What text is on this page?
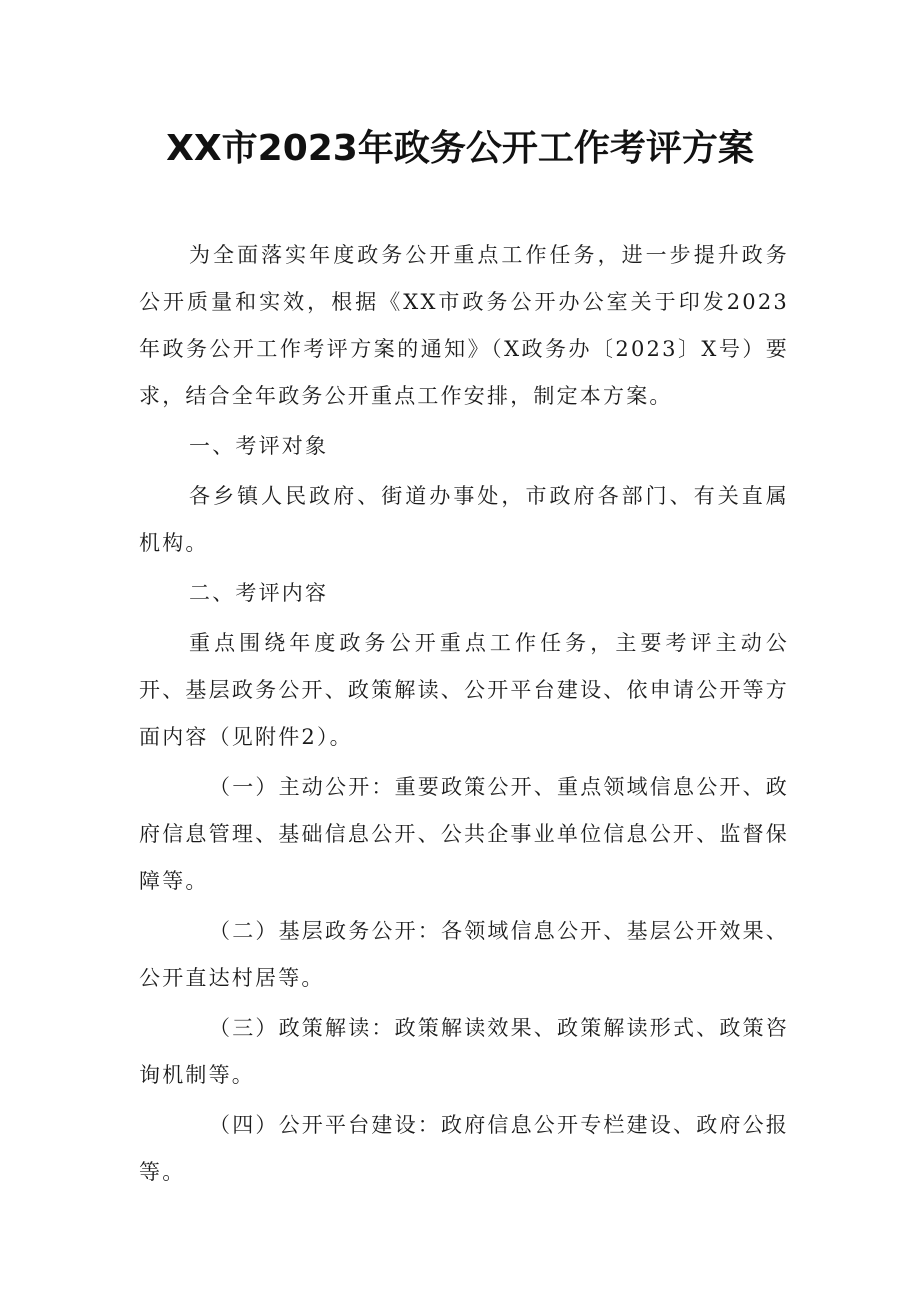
XX市2023年政务公开工作考评方案

为全面落实年度政务公开重点工作任务，进一步提升政务公开质量和实效，根据《XX市政务公开办公室关于印发2023年政务公开工作考评方案的通知》（X政务办〔2023〕X号）要求，结合全年政务公开重点工作安排，制定本方案。

一、考评对象

各乡镇人民政府、街道办事处，市政府各部门、有关直属机构。

二、考评内容

重点围绕年度政务公开重点工作任务，主要考评主动公开、基层政务公开、政策解读、公开平台建设、依申请公开等方面内容（见附件2）。

（一）主动公开：重要政策公开、重点领域信息公开、政府信息管理、基础信息公开、公共企事业单位信息公开、监督保障等。

（二）基层政务公开：各领域信息公开、基层公开效果、公开直达村居等。

（三）政策解读：政策解读效果、政策解读形式、政策咨询机制等。

（四）公开平台建设：政府信息公开专栏建设、政府公报等。
